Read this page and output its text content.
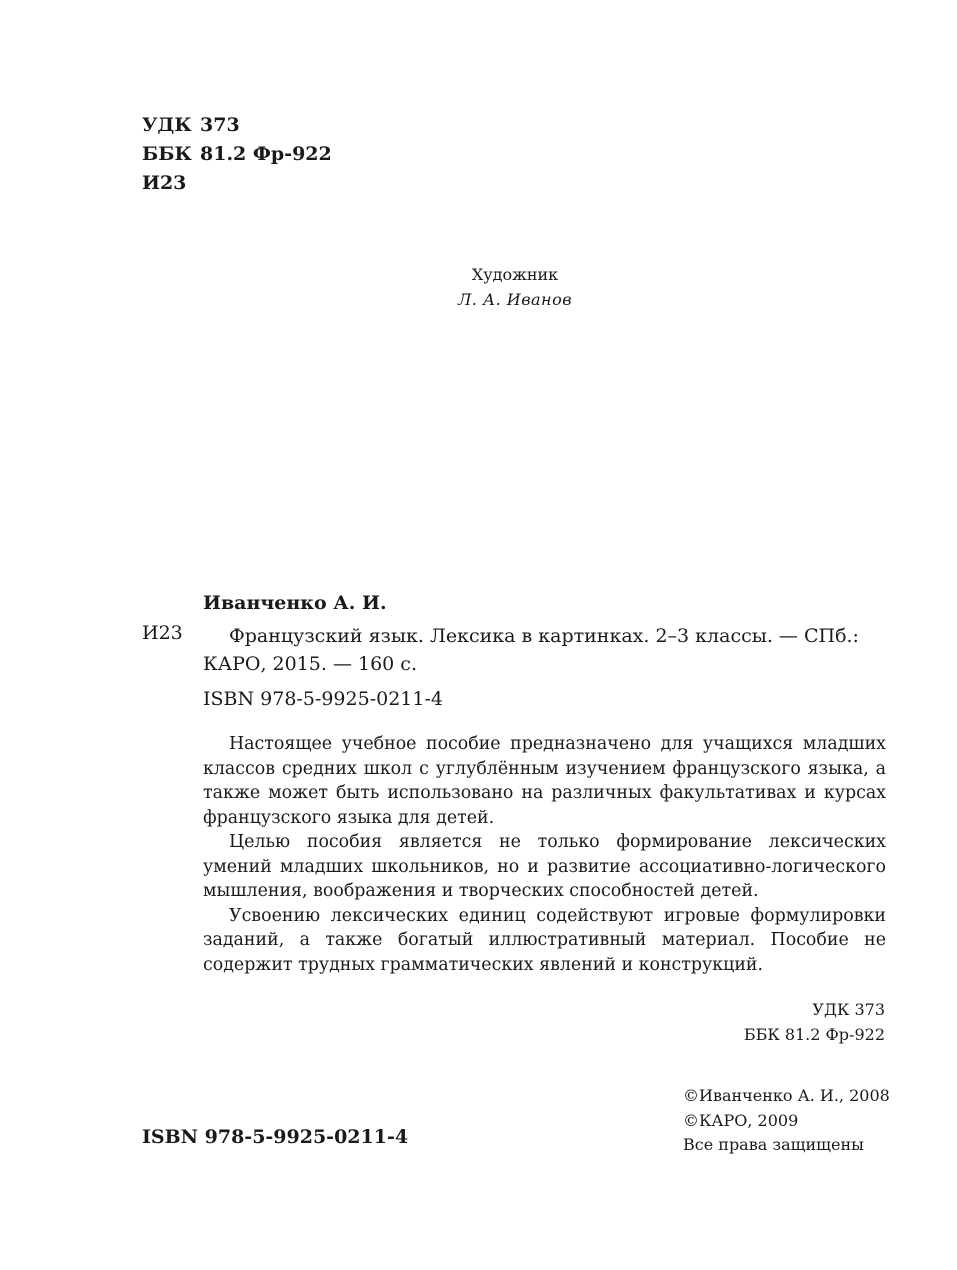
УДК 373
ББК 81.2 Фр-922
И23
Художник
Л. А. Иванов
Иванченко А. И.
И23	Французский язык. Лексика в картинках. 2–3 классы. — СПб.:
КАРО, 2015. — 160 с.
ISBN 978-5-9925-0211-4

Настоящее учебное пособие предназначено для учащихся младших классов средних школ с углублённым изучением французского языка, а также может быть использовано на различных факультативах и курсах французского языка для детей.

Целью пособия является не только формирование лексических умений младших школьников, но и развитие ассоциативно-логического мышления, воображения и творческих способностей детей.

Усвоению лексических единиц содействуют игровые формулировки заданий, а также богатый иллюстративный материал. Пособие не содержит трудных грамматических явлений и конструкций.

УДК 373
ББК 81.2 Фр-922
ISBN 978-5-9925-0211-4
©Иванченко А. И., 2008
©КАРО, 2009
Все права защищены
